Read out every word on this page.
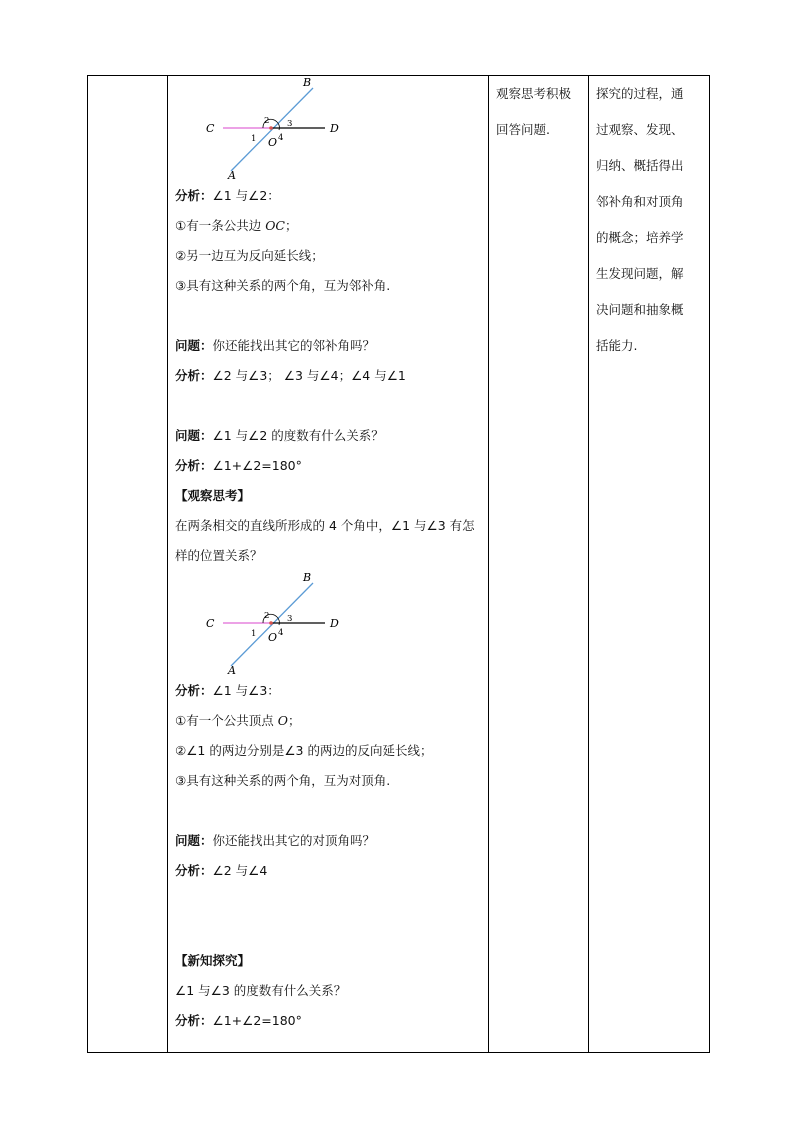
B
C	D
A
O
1
2 3
4
分析：∠1 与∠2：
①有一条公共边 OC；
②另一边互为反向延长线；
③具有这种关系的两个角，互为邻补角.
问题：你还能找出其它的邻补角吗？
分析：∠2 与∠3； ∠3 与∠4；∠4 与∠1
问题：∠1 与∠2 的度数有什么关系？
分析：∠1+∠2=180°
【观察思考】
在两条相交的直线所形成的 4 个角中，∠1 与∠3 有怎样的位置关系？
B
C	D
A
O
1
2 3
4
分析：∠1 与∠3：
①有一个公共顶点 O；
②∠1 的两边分别是∠3 的两边的反向延长线；
③具有这种关系的两个角，互为对顶角.
问题：你还能找出其它的对顶角吗？
分析：∠2 与∠4
【新知探究】
∠1 与∠3 的度数有什么关系？
分析：∠1+∠2=180°

观察思考积极
回答问题.

探究的过程，通
过观察、发现、
归纳、概括得出
邻补角和对顶角
的概念；培养学
生发现问题，解
决问题和抽象概
括能力.
